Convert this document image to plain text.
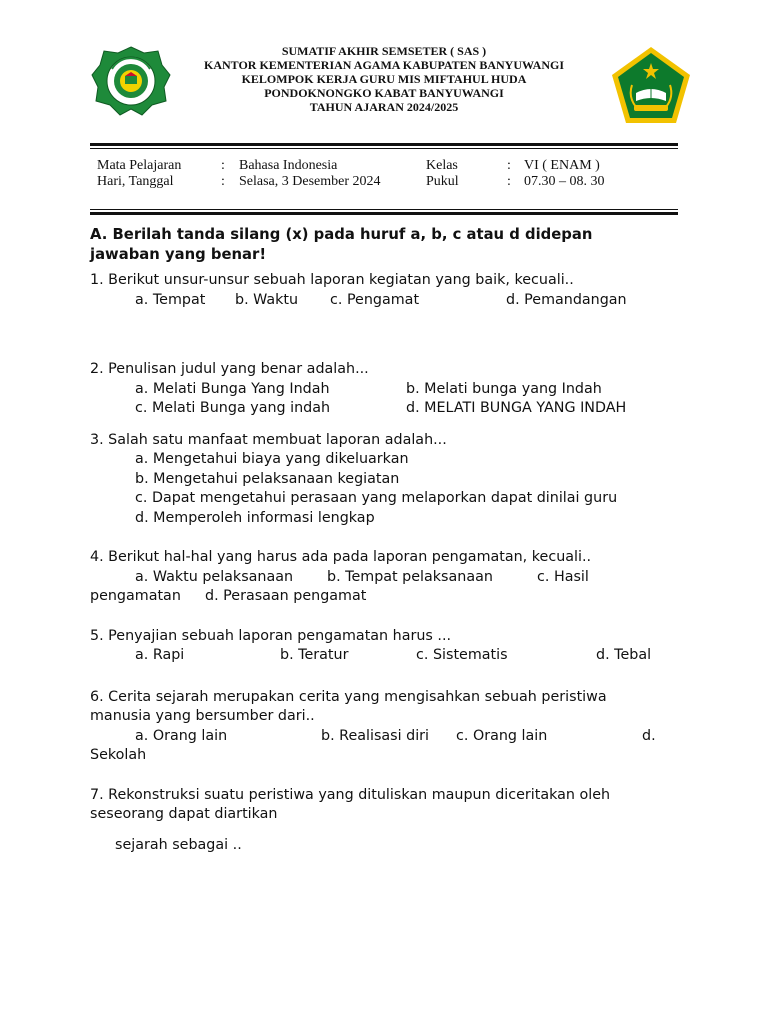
SUMATIF AKHIR SEMSETER ( SAS )
KANTOR KEMENTERIAN AGAMA KABUPATEN BANYUWANGI
KELOMPOK KERJA GURU MIS MIFTAHUL HUDA
PONDOKNONGKO KABAT BANYUWANGI
TAHUN AJARAN 2024/2025
Mata Pelajaran	: Bahasa Indonesia	Kelas	: VI ( ENAM )
Hari, Tanggal	: Selasa, 3 Desember 2024	Pukul	: 07.30 – 08. 30
A. Berilah tanda silang (x) pada huruf a, b, c atau d didepan
jawaban yang benar!
1. Berikut unsur-unsur sebuah laporan kegiatan yang baik, kecuali..
a. Tempat b. Waktu c. Pengamat	d. Pemandangan
2. Penulisan judul yang benar adalah...
a. Melati Bunga Yang Indah	b. Melati bunga yang Indah
c. Melati Bunga yang indah	d. MELATI BUNGA YANG INDAH
3. Salah satu manfaat membuat laporan adalah...
a. Mengetahui biaya yang dikeluarkan
b. Mengetahui pelaksanaan kegiatan
c. Dapat mengetahui perasaan yang melaporkan dapat dinilai guru
d. Memperoleh informasi lengkap
4. Berikut hal-hal yang harus ada pada laporan pengamatan, kecuali..
a. Waktu pelaksanaan b. Tempat pelaksanaan	c. Hasil
pengamatan d. Perasaan pengamat
5. Penyajian sebuah laporan pengamatan harus ...
a. Rapi	b. Teratur	c. Sistematis	d. Tebal
6. Cerita sejarah merupakan cerita yang mengisahkan sebuah peristiwa
manusia yang bersumber dari..
a. Orang lain	b. Realisasi diri c. Orang lain	d.
Sekolah
7. Rekonstruksi suatu peristiwa yang dituliskan maupun diceritakan oleh
seseorang dapat diartikan
sejarah sebagai ..
